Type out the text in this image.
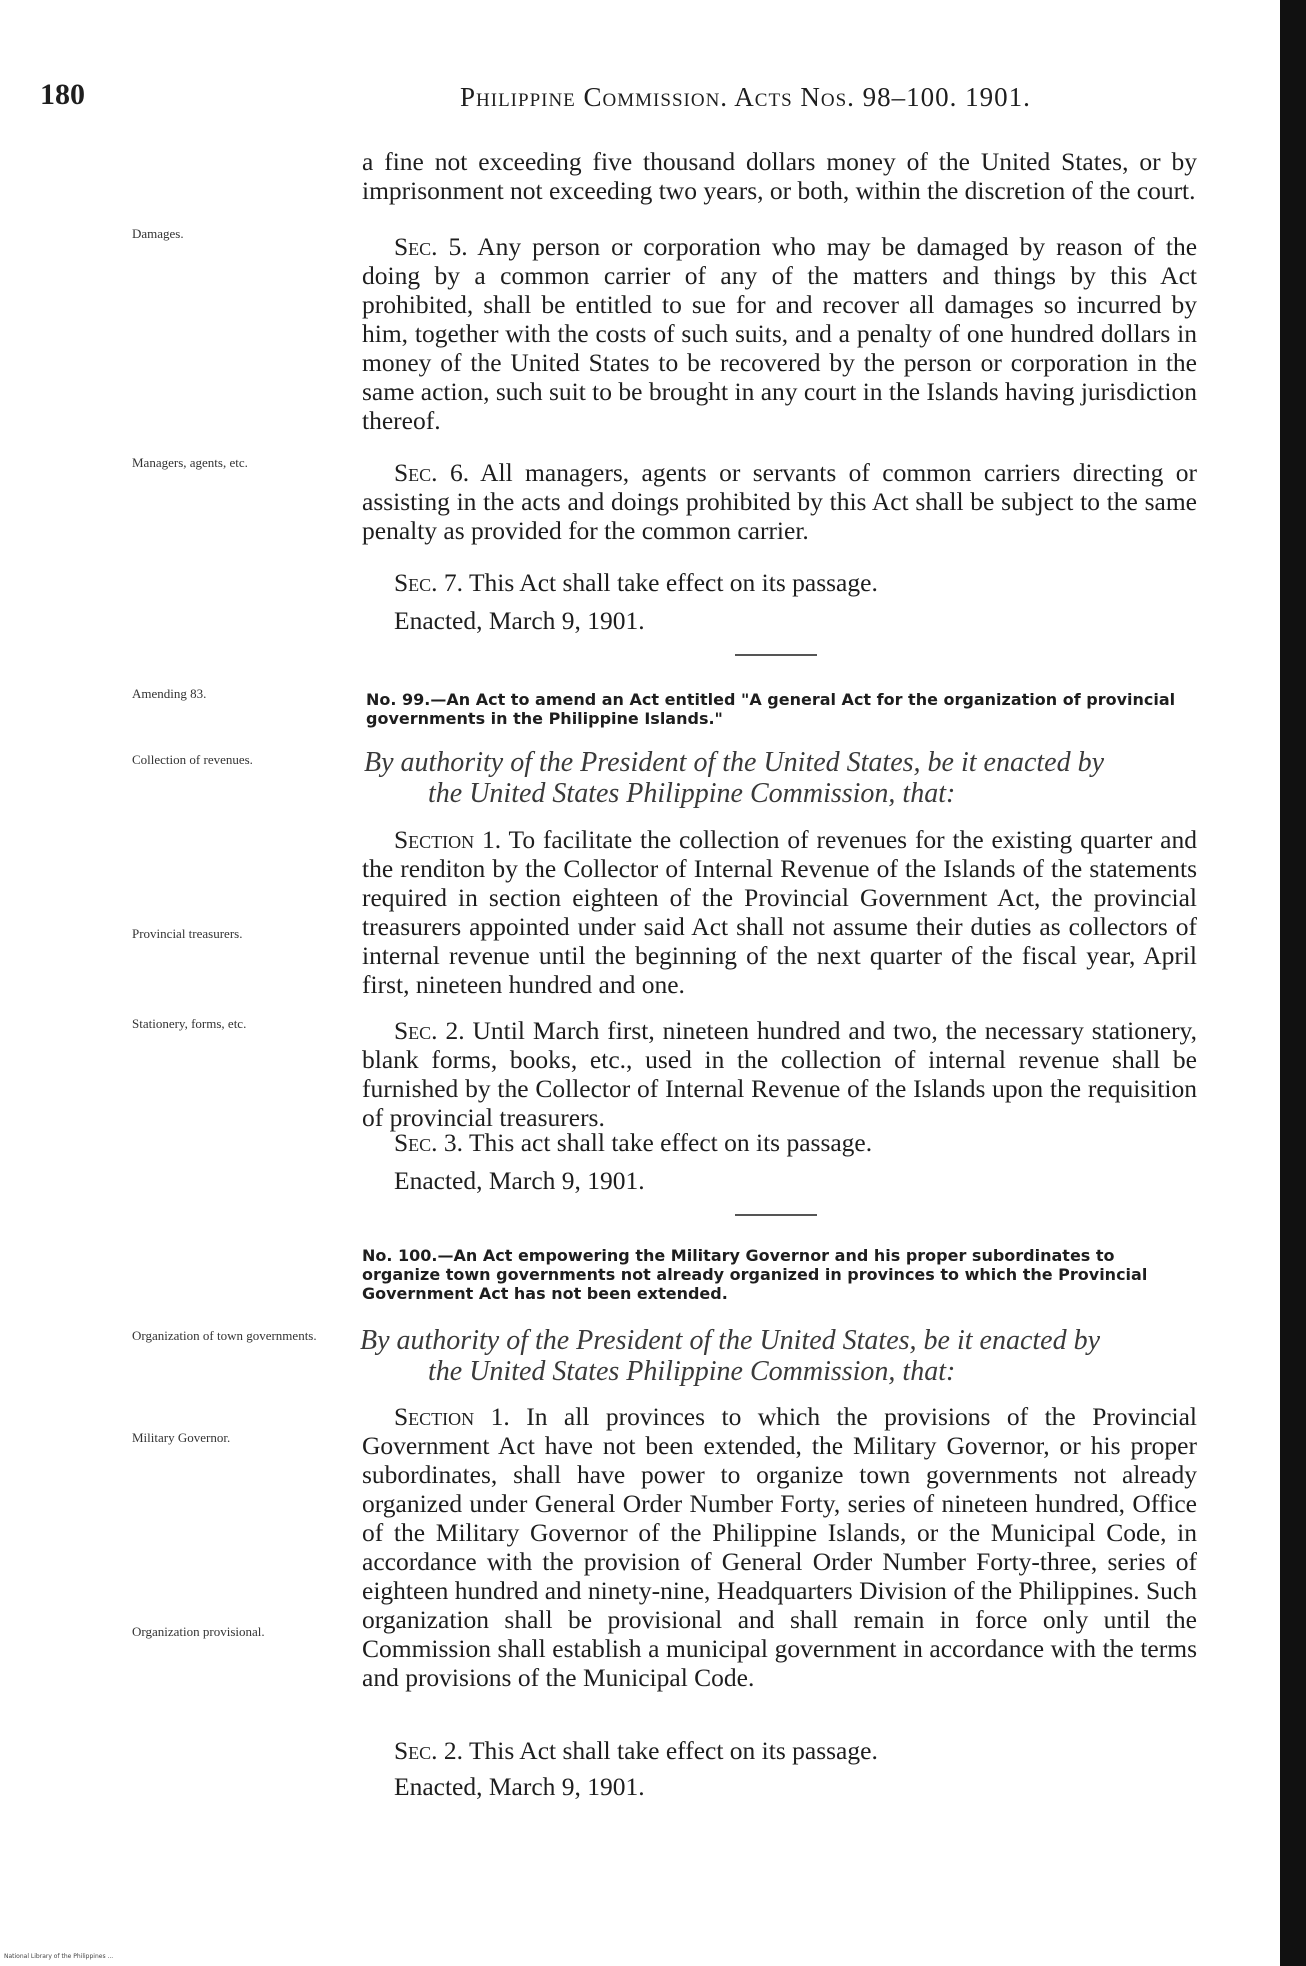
180	Philippine Commission. Acts Nos. 98–100. 1901.

a fine not exceeding five thousand dollars money of the United States, or by imprisonment not exceeding two years, or both, within the discretion of the court.

Damages.	Sec. 5. Any person or corporation who may be damaged by reason of the doing by a common carrier of any of the matters and things by this Act prohibited, shall be entitled to sue for and recover all damages so incurred by him, together with the costs of such suits, and a penalty of one hundred dollars in money of the United States to be recovered by the person or corporation in the same action, such suit to be brought in any court in the Islands having jurisdiction thereof.

Managers, agents, etc.	Sec. 6. All managers, agents or servants of common carriers directing or assisting in the acts and doings prohibited by this Act shall be subject to the same penalty as provided for the common carrier.

Sec. 7. This Act shall take effect on its passage.

Enacted, March 9, 1901.

Amending 83.	No. 99.—An Act to amend an Act entitled "A general Act for the organization of provincial governments in the Philippine Islands."

Collection of revenues.	By authority of the President of the United States, be it enacted by

the United States Philippine Commission, that:

Section 1. To facilitate the collection of revenues for the existing quarter and the renditon by the Collector of Internal Revenue of the Islands of the statements required in section eighteen of the Provincial Government Act, the provincial treasurers appointed under said Act shall not assume their duties as collectors of internal revenue until the beginning of the next quarter of the fiscal year, April first, nineteen hundred and one.

Provincial treasurers.
Stationery, forms, etc.	Sec. 2. Until March first, nineteen hundred and two, the necessary stationery, blank forms, books, etc., used in the collection of internal revenue shall be furnished by the Collector of Internal Revenue of the Islands upon the requisition of provincial treasurers.

Sec. 3. This act shall take effect on its passage.

Enacted, March 9, 1901.

No. 100.—An Act empowering the Military Governor and his proper subordinates to organize town governments not already organized in provinces to which the Provincial Government Act has not been extended.

Organization of town governments.	By authority of the President of the United States, be it enacted by

the United States Philippine Commission, that:

Section 1. In all provinces to which the provisions of the Provincial Government Act have not been extended, the Military Governor, or his proper subordinates, shall have power to organize town governments not already organized under General Order Number Forty, series of nineteen hundred, Office of the Military Governor of the Philippine Islands, or the Municipal Code, in accordance with the provision of General Order Number Forty-three, series of eighteen hundred and ninety-nine, Headquarters Division of the Philippines. Such organization shall be provisional and shall remain in force only until the Commission shall establish a municipal government in accordance with the terms and provisions of the Municipal Code.

Military Governor.
Organization provisional.

Sec. 2. This Act shall take effect on its passage.

Enacted, March 9, 1901.

National Library of the Philippines ...
